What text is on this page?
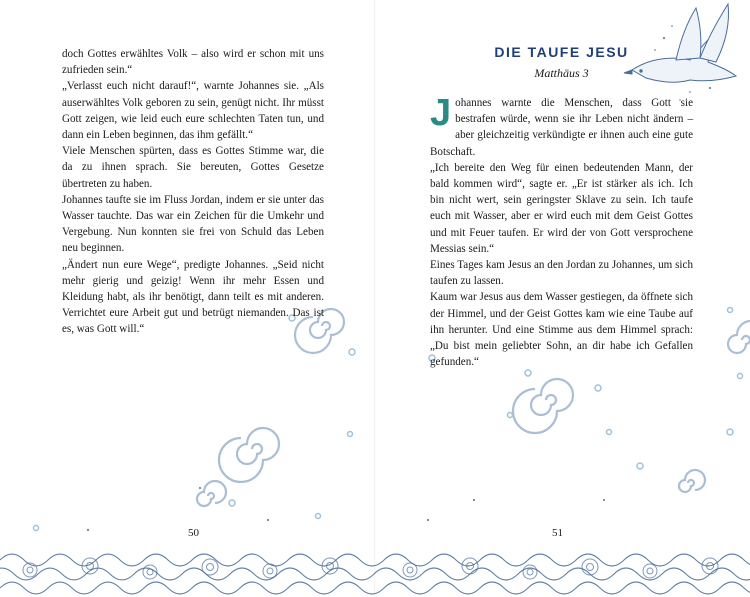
doch Gottes erwähltes Volk – also wird er schon mit uns zufrieden sein.“

„Verlasst euch nicht darauf!“, warnte Johannes sie. „Als auserwähltes Volk geboren zu sein, genügt nicht. Ihr müsst Gott zeigen, wie leid euch eure schlechten Taten tun, und dann ein Leben beginnen, das ihm gefällt.“

Viele Menschen spürten, dass es Gottes Stimme war, die da zu ihnen sprach. Sie bereuten, Gottes Gesetze übertreten zu haben.

Johannes taufte sie im Fluss Jordan, indem er sie unter das Wasser tauchte. Das war ein Zeichen für die Umkehr und Vergebung. Nun konnten sie frei von Schuld das Leben neu beginnen.

„Ändert nun eure Wege“, predigte Johannes. „Seid nicht mehr gierig und geizig! Wenn ihr mehr Essen und Kleidung habt, als ihr benötigt, dann teilt es mit anderen. Verrichtet eure Arbeit gut und betrügt niemanden. Das ist es, was Gott will.“

50
DIE TAUFE JESU
Matthäus 3

Johannes warnte die Menschen, dass Gott sie bestrafen würde, wenn sie ihr Leben nicht ändern – aber gleichzeitig verkündigte er ihnen auch eine gute Botschaft.

„Ich bereite den Weg für einen bedeutenden Mann, der bald kommen wird“, sagte er. „Er ist stärker als ich. Ich bin nicht wert, sein geringster Sklave zu sein. Ich taufe euch mit Wasser, aber er wird euch mit dem Geist Gottes und mit Feuer taufen. Er wird der von Gott versprochene Messias sein.“

Eines Tages kam Jesus an den Jordan zu Johannes, um sich taufen zu lassen.

Kaum war Jesus aus dem Wasser gestiegen, da öffnete sich der Himmel, und der Geist Gottes kam wie eine Taube auf ihn herunter. Und eine Stimme aus dem Himmel sprach: „Du bist mein geliebter Sohn, an dir habe ich Gefallen gefunden.“

51
